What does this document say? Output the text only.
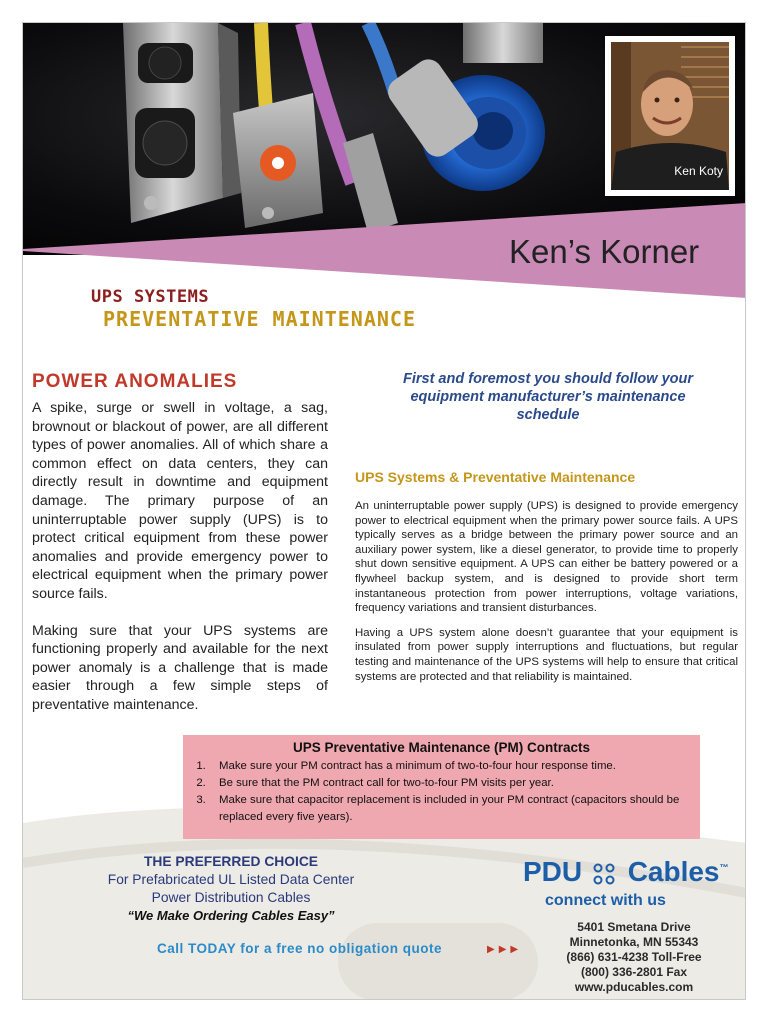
Ken Koty
Ken’s Korner
UPS SYSTEMS
PREVENTATIVE MAINTENANCE
POWER ANOMALIES

A spike, surge or swell in voltage, a sag, brownout or blackout of power, are all different types of power anomalies. All of which share a common effect on data centers, they can directly result in downtime and equipment damage. The primary purpose of an uninterruptable power supply (UPS) is to protect critical equipment from these power anomalies and provide emergency power to electrical equipment when the primary power source fails.

Making sure that your UPS systems are functioning properly and available for the next power anomaly is a challenge that is made easier through a few simple steps of preventative maintenance.

First and foremost you should follow your equipment manufacturer’s maintenance schedule
UPS Systems & Preventative Maintenance

An uninterruptable power supply (UPS) is designed to provide emergency power to electrical equipment when the primary power source fails. A UPS typically serves as a bridge between the primary power source and an auxiliary power system, like a diesel generator, to provide time to properly shut down sensitive equipment. A UPS can either be battery powered or a flywheel backup system, and is designed to provide short term instantaneous protection from power interruptions, voltage variations, frequency variations and transient disturbances.

Having a UPS system alone doesn’t guarantee that your equipment is insulated from power supply interruptions and fluctuations, but regular testing and maintenance of the UPS systems will help to ensure that critical systems are protected and that reliability is maintained.

UPS Preventative Maintenance (PM) Contracts
1. Make sure your PM contract has a minimum of two-to-four hour response time.
2. Be sure that the PM contract call for two-to-four PM visits per year.
3. Make sure that capacitor replacement is included in your PM contract (capacitors should be replaced every five years).
THE PREFERRED CHOICE
For Prefabricated UL Listed Data Center
Power Distribution Cables
“We Make Ordering Cables Easy”
Call TODAY for a free no obligation quote	▶▶▶
PDU Cables™
connect with us
5401 Smetana Drive
Minnetonka, MN 55343
(866) 631-4238 Toll-Free
(800) 336-2801 Fax
www.pducables.com
